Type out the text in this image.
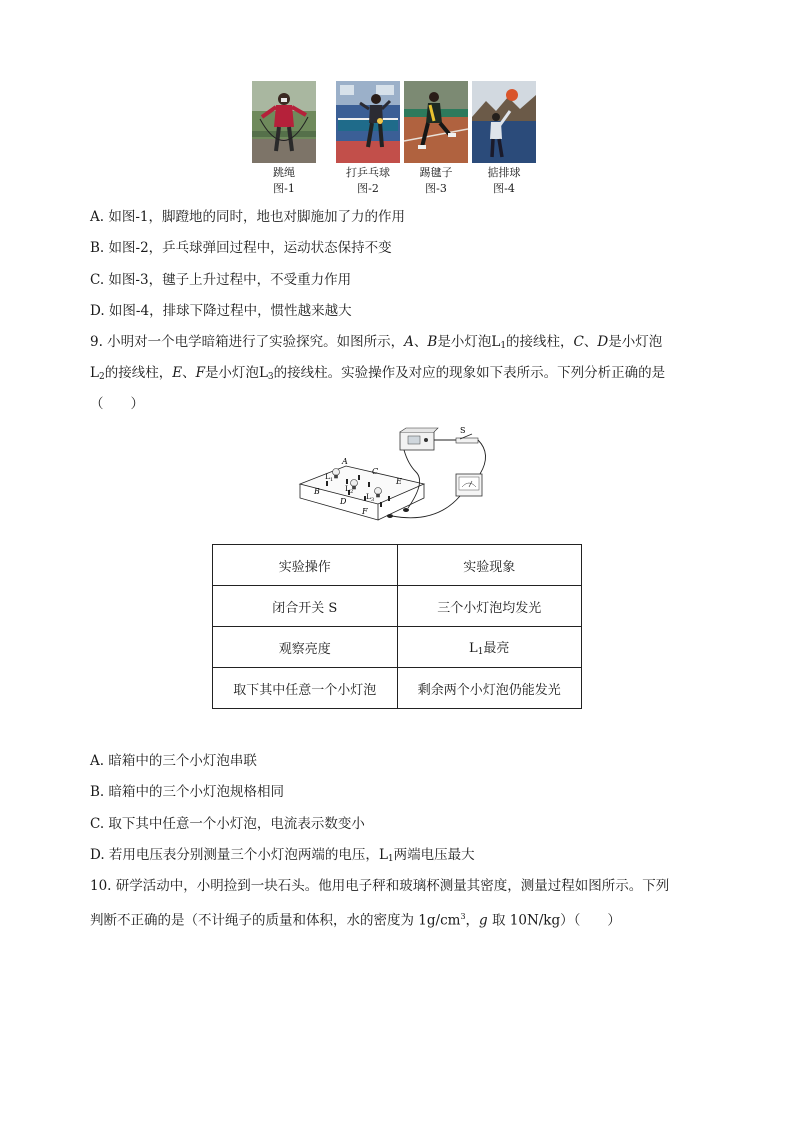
跳绳
图-1
打乒乓球
图-2
踢毽子
图-3
掂排球
图-4
A. 如图-1，脚蹬地的同时，地也对脚施加了力的作用
B. 如图-2，乒乓球弹回过程中，运动状态保持不变
C. 如图-3，毽子上升过程中，不受重力作用
D. 如图-4，排球下降过程中，惯性越来越大
9. 小明对一个电学暗箱进行了实验探究。如图所示，A、B是小灯泡$L_1$的接线柱，C、D是小灯泡
$L_2$的接线柱，E、F是小灯泡$L_3$的接线柱。实验操作及对应的现象如下表所示。下列分析正确的是
（　　）
A
B
C
D
E
F
L 1
L 2 L 3
S
实验操作	实验现象
闭合开关 S	三个小灯泡均发光
观察亮度	$L_1$最亮
取下其中任意一个小灯泡	剩余两个小灯泡仍能发光
A. 暗箱中的三个小灯泡串联
B. 暗箱中的三个小灯泡规格相同
C. 取下其中任意一个小灯泡，电流表示数变小
D. 若用电压表分别测量三个小灯泡两端的电压，$L_1$两端电压最大
10. 研学活动中，小明捡到一块石头。他用电子秤和玻璃杯测量其密度，测量过程如图所示。下列
判断不正确的是（不计绳子的质量和体积，水的密度为 $1g/cm^3$，g 取 10N/kg）（　　）
